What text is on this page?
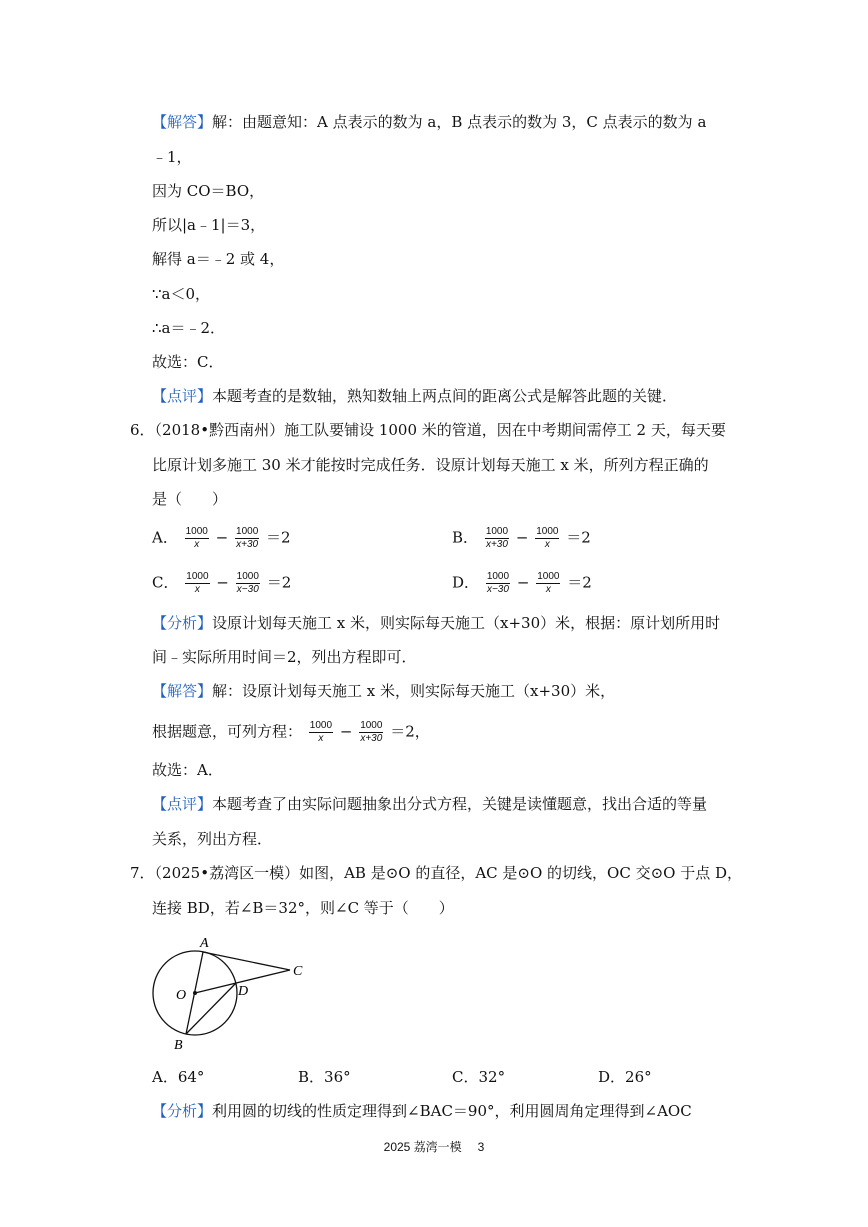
【解答】解：由题意知：A 点表示的数为 a，B 点表示的数为 3，C 点表示的数为 a
﹣1，
因为 CO＝BO，
所以|a﹣1|＝3，
解得 a＝﹣2 或 4，
∵a＜0，
∴a＝﹣2．
故选：C．
【点评】本题考查的是数轴，熟知数轴上两点间的距离公式是解答此题的关键．
6．（2018•黔西南州）施工队要铺设 1000 米的管道，因在中考期间需停工 2 天，每天要
比原计划多施工 30 米才能按时完成任务．设原计划每天施工 x 米，所列方程正确的
是（　　）
A． $\frac{1000}{x} - \frac{1000}{x+30} =2$	B． $\frac{1000}{x+30} - \frac{1000}{x} =2$
C． $\frac{1000}{x} - \frac{1000}{x-30} =2$	D． $\frac{1000}{x-30} - \frac{1000}{x} =2$
【分析】设原计划每天施工 x 米，则实际每天施工（x+30）米，根据：原计划所用时
间﹣实际所用时间＝2，列出方程即可．
【解答】解：设原计划每天施工 x 米，则实际每天施工（x+30）米，
根据题意，可列方程： $\frac{1000}{x} - \frac{1000}{x+30} =2$，
故选：A．
【点评】本题考查了由实际问题抽象出分式方程，关键是读懂题意，找出合适的等量
关系，列出方程．
7．（2025•荔湾区一模）如图，AB 是⊙O 的直径，AC 是⊙O 的切线，OC 交⊙O 于点 D，
连接 BD，若∠B＝32°，则∠C 等于（　　）
A
B
C
D
O
A．64°	B．36°	C．32°	D．26°
【分析】利用圆的切线的性质定理得到∠BAC＝90°，利用圆周角定理得到∠AOC
2025 荔湾一模 3
